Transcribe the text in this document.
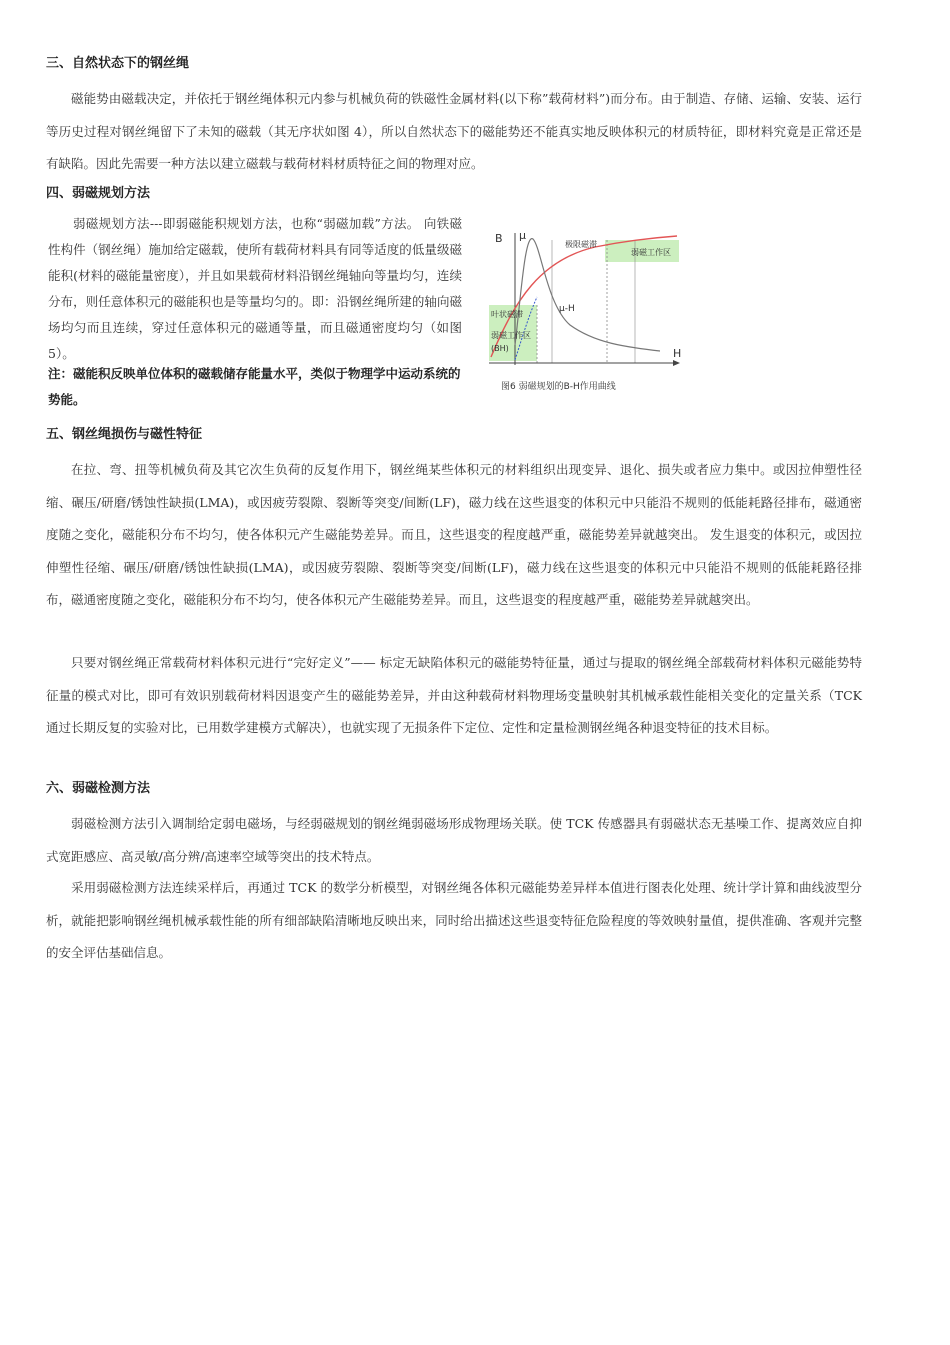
三、自然状态下的钢丝绳

磁能势由磁载决定，并依托于钢丝绳体积元内参与机械负荷的铁磁性金属材料(以下称”载荷材料”)而分布。由于制造、存储、运输、安装、运行等历史过程对钢丝绳留下了未知的磁载（其无序状如图 4），所以自然状态下的磁能势还不能真实地反映体积元的材质特征，即材料究竟是正常还是有缺陷。因此先需要一种方法以建立磁载与载荷材料材质特征之间的物理对应。

四、弱磁规划方法

弱磁规划方法---即弱磁能积规划方法，也称“弱磁加载”方法。 向铁磁性构件（钢丝绳）施加给定磁载，使所有载荷材料具有同等适度的低量级磁能积(材料的磁能量密度），并且如果载荷材料沿钢丝绳轴向等量均匀，连续分布，则任意体积元的磁能积也是等量均匀的。即：沿钢丝绳所建的轴向磁场均匀而且连续，穿过任意体积元的磁通等量，而且磁通密度均匀（如图 5）。

注：磁能积反映单位体积的磁载储存能量水平，类似于物理学中运动系统的势能。

B μ
H
μ-H
极限磁滞
弱磁工作区
叶状磁滞
弱磁工作区
(BH)
图6 弱磁规划的B-H作用曲线
五、钢丝绳损伤与磁性特征

在拉、弯、扭等机械负荷及其它次生负荷的反复作用下，钢丝绳某些体积元的材料组织出现变异、退化、损失或者应力集中。或因拉伸塑性径缩、碾压/研磨/锈蚀性缺损(LMA)，或因疲劳裂隙、裂断等突变/间断(LF)，磁力线在这些退变的体积元中只能沿不规则的低能耗路径排布，磁通密度随之变化，磁能积分布不均匀，使各体积元产生磁能势差异。而且，这些退变的程度越严重，磁能势差异就越突出。 发生退变的体积元，或因拉伸塑性径缩、碾压/研磨/锈蚀性缺损(LMA)，或因疲劳裂隙、裂断等突变/间断(LF)，磁力线在这些退变的体积元中只能沿不规则的低能耗路径排布，磁通密度随之变化，磁能积分布不均匀，使各体积元产生磁能势差异。而且，这些退变的程度越严重，磁能势差异就越突出。

只要对钢丝绳正常载荷材料体积元进行“完好定义”—— 标定无缺陷体积元的磁能势特征量，通过与提取的钢丝绳全部载荷材料体积元磁能势特征量的模式对比，即可有效识别载荷材料因退变产生的磁能势差异，并由这种载荷材料物理场变量映射其机械承载性能相关变化的定量关系（TCK 通过长期反复的实验对比，已用数学建模方式解决），也就实现了无损条件下定位、定性和定量检测钢丝绳各种退变特征的技术目标。

六、弱磁检测方法

弱磁检测方法引入调制给定弱电磁场，与经弱磁规划的钢丝绳弱磁场形成物理场关联。使 TCK 传感器具有弱磁状态无基噪工作、提离效应自抑 式宽距感应、高灵敏/高分辨/高速率空域等突出的技术特点。

采用弱磁检测方法连续采样后，再通过 TCK 的数学分析模型，对钢丝绳各体积元磁能势差异样本值进行图表化处理、统计学计算和曲线波型分析，就能把影响钢丝绳机械承载性能的所有细部缺陷清晰地反映出来，同时给出描述这些退变特征危险程度的等效映射量值，提供准确、客观并完整的安全评估基础信息。
